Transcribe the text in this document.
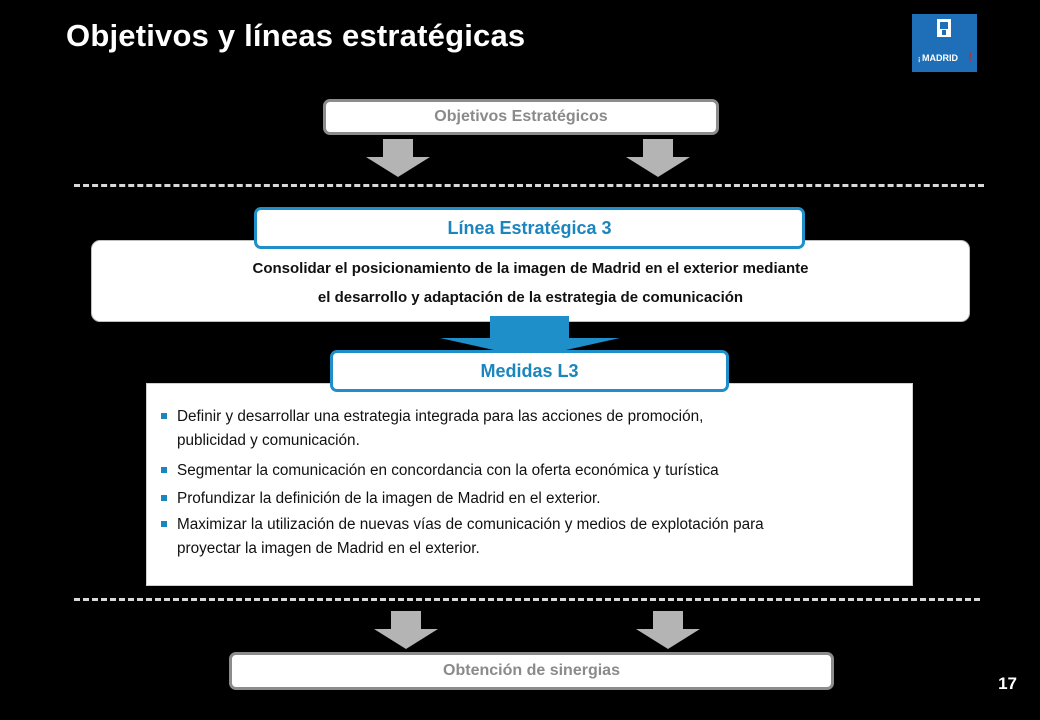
Objetivos y líneas estratégicas
¡ MADRID !
Objetivos Estratégicos
Línea Estratégica 3
Consolidar el posicionamiento de la imagen de Madrid en el exterior mediante
el desarrollo y adaptación de la estrategia de comunicación
Medidas L3
Definir y desarrollar una estrategia integrada para las acciones de promoción,
publicidad y comunicación.
Segmentar la comunicación en concordancia con la oferta económica y turística
Profundizar la definición de la imagen de Madrid en el exterior.
Maximizar la utilización de nuevas vías de comunicación y medios de explotación para
proyectar la imagen de Madrid en el exterior.
Obtención de sinergias
17
